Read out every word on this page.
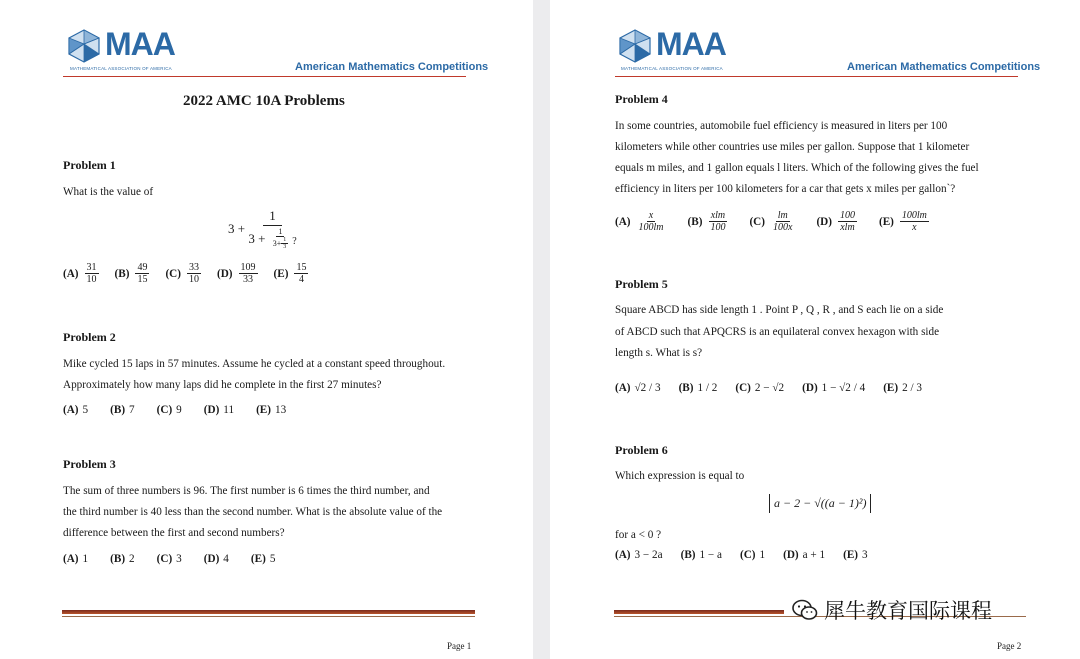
MAA
MATHEMATICAL ASSOCIATION OF AMERICA	American Mathematics Competitions
2022 AMC 10A Problems
Problem 1
What is the value of
3 +

1
3 +
$\frac{1}{3+ \frac{1}{3}}$ ?
$(A) \frac{31}{10} (B) \frac{49}{15} (C) \frac{33}{10} (D) \frac{109}{33} (E) \frac{15}{4}$
Problem 2
Mike cycled 15 laps in 57 minutes. Assume he cycled at a constant speed throughout.
Approximately how many laps did he complete in the first 27 minutes?
(A) 5 (B) 7 (C) 9 (D) 11 (E) 13
Problem 3
The sum of three numbers is 96. The first number is 6 times the third number, and
the third number is 40 less than the second number. What is the absolute value of the
difference between the first and second numbers?
(A) 1 (B) 2 (C) 3 (D) 4 (E) 5
Page 1
MAA
MATHEMATICAL ASSOCIATION OF AMERICA	American Mathematics Competitions
Problem 4
In some countries, automobile fuel efficiency is measured in liters per 100
kilometers while other countries use miles per gallon. Suppose that 1 kilometer
equals m miles, and 1 gallon equals l liters. Which of the following gives the fuel
efficiency in liters per 100 kilometers for a car that gets x miles per gallon`?
$(A) \frac{x}{100lm} (B) \frac{\text{xlm}}{100} (C) \frac{lm}{100x} (D) \frac{100}{\text{xlm}} (E) \frac{100lm}{x}$
Problem 5
Square ABCD has side length 1 . Point P , Q , R , and S each lie on a side
of ABCD such that APQCRS is an equilateral convex hexagon with side
length s. What is s?
(A) √2 / 3 (B) 1 / 2 (C) 2 − √2 (D) 1 − √2 / 4 (E) 2 / 3
Problem 6
Which expression is equal to
a − 2 − √((a − 1)²)
for a < 0 ?
(A) 3 − 2a (B) 1 − a (C) 1 (D) a + 1 (E) 3
Page 2
犀牛教育国际课程
